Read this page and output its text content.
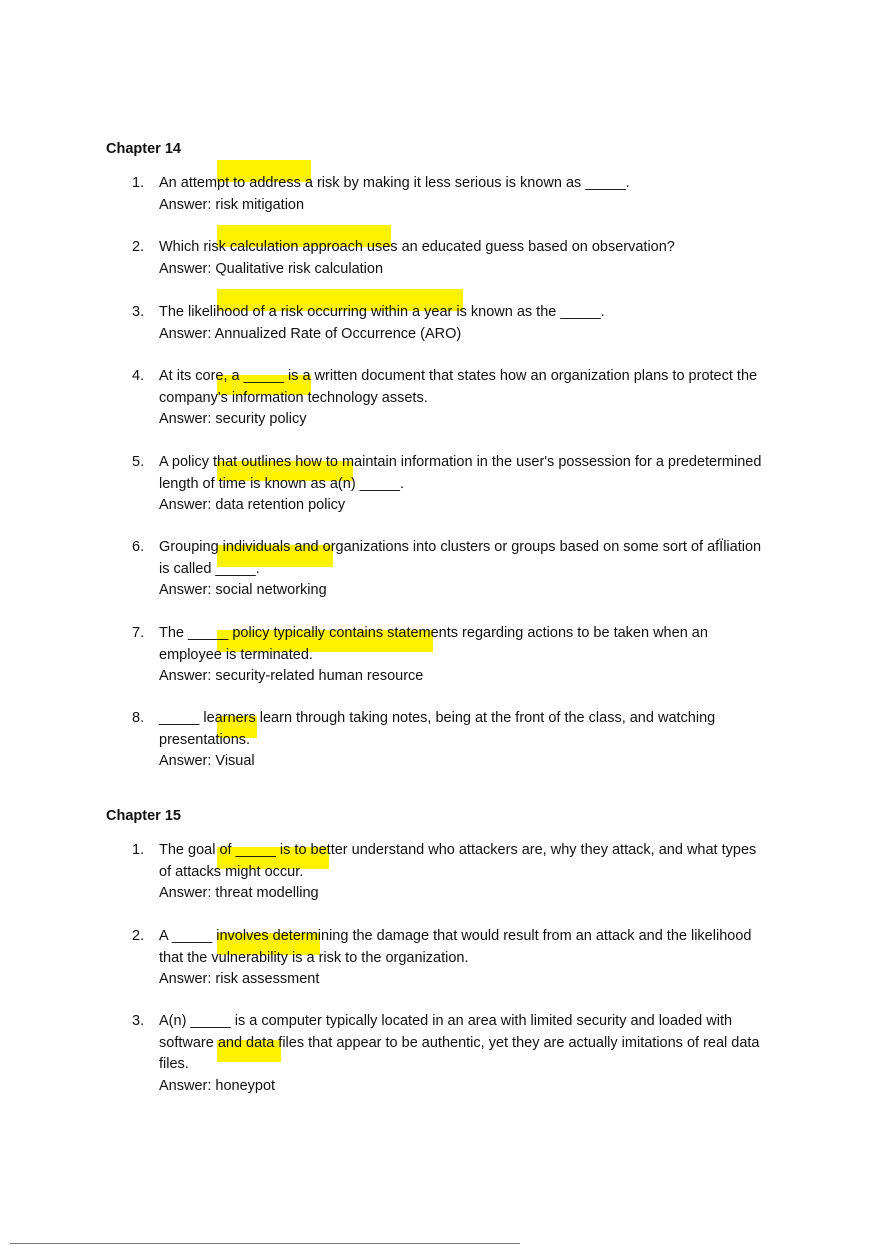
Chapter 14
1. An attempt to address a risk by making it less serious is known as _____.
Answer: risk mitigation
2. Which risk calculation approach uses an educated guess based on observation?
Answer: Qualitative risk calculation
3. The likelihood of a risk occurring within a year is known as the _____.
Answer: Annualized Rate of Occurrence (ARO)
4. At its core, a _____ is a written document that states how an organization plans to protect the company's information technology assets.
Answer: security policy
5. A policy that outlines how to maintain information in the user's possession for a predetermined length of time is known as a(n) _____.
Answer: data retention policy
6. Grouping individuals and organizations into clusters or groups based on some sort of afÏliation is called _____.
Answer: social networking
7. The _____ policy typically contains statements regarding actions to be taken when an employee is terminated.
Answer: security-related human resource
8. _____ learners learn through taking notes, being at the front of the class, and watching presentations.
Answer: Visual
Chapter 15
1. The goal of _____ is to better understand who attackers are, why they attack, and what types of attacks might occur.
Answer: threat modelling
2. A _____ involves determining the damage that would result from an attack and the likelihood that the vulnerability is a risk to the organization.
Answer: risk assessment
3. A(n) _____ is a computer typically located in an area with limited security and loaded with software and data files that appear to be authentic, yet they are actually imitations of real data files.
Answer: honeypot
